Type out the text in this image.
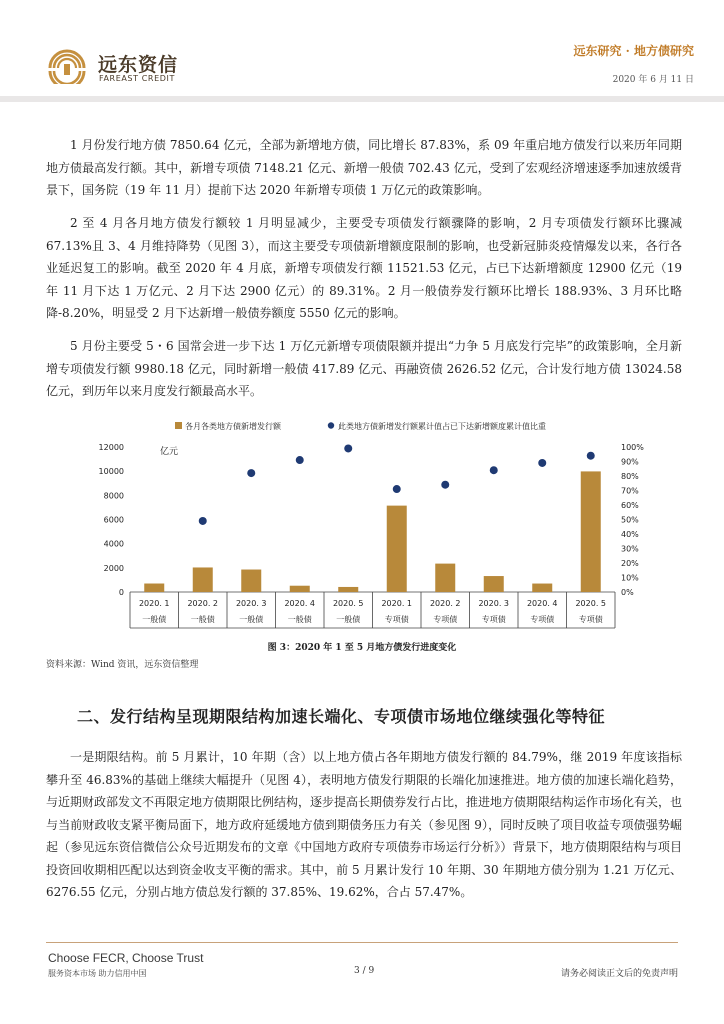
远东资信
FAREAST CREDIT
远东研究 · 地方债研究
2020 年 6 月 11 日

1 月份发行地方债 7850.64 亿元，全部为新增地方债，同比增长 87.83%，系 09 年重启地方债发行以来历年同期地方债最高发行额。其中，新增专项债 7148.21 亿元、新增一般债 702.43 亿元，受到了宏观经济增速逐季加速放缓背景下，国务院（19 年 11 月）提前下达 2020 年新增专项债 1 万亿元的政策影响。

2 至 4 月各月地方债发行额较 1 月明显减少，主要受专项债发行额骤降的影响，2 月专项债发行额环比骤减 67.13%且 3、4 月维持降势（见图 3），而这主要受专项债新增额度限制的影响，也受新冠肺炎疫情爆发以来，各行各业延迟复工的影响。截至 2020 年 4 月底，新增专项债发行额 11521.53 亿元，占已下达新增额度 12900 亿元（19 年 11 月下达 1 万亿元、2 月下达 2900 亿元）的 89.31%。2 月一般债券发行额环比增长 188.93%、3 月环比略降-8.20%，明显受 2 月下达新增一般债券额度 5550 亿元的影响。

5 月份主要受 5・6 国常会进一步下达 1 万亿元新增专项债限额并提出“力争 5 月底发行完毕”的政策影响，全月新增专项债发行额 9980.18 亿元，同时新增一般债 417.89 亿元、再融资债 2626.52 亿元，合计发行地方债 13024.58 亿元，到历年以来月度发行额最高水平。

各月各类地方债新增发行额	此类地方债新增发行额累计值占已下达新增额度累计值比重
亿元
0
2000
4000
6000
8000
10000
12000
0%
10%
20%
30%
40%
50%
60%
70%
80%
90%
100%
2020. 1
一般债
2020. 2
一般债
2020. 3
一般债
2020. 4
一般债
2020. 5
一般债
2020. 1
专项债
2020. 2
专项债
2020. 3
专项债
2020. 4
专项债
2020. 5
专项债
图 3：2020 年 1 至 5 月地方债发行进度变化
资料来源：Wind 资讯，远东资信整理
二、发行结构呈现期限结构加速长端化、专项债市场地位继续强化等特征

一是期限结构。前 5 月累计，10 年期（含）以上地方债占各年期地方债发行额的 84.79%，继 2019 年度该指标攀升至 46.83%的基础上继续大幅提升（见图 4），表明地方债发行期限的长端化加速推进。地方债的加速长端化趋势，与近期财政部发文不再限定地方债期限比例结构，逐步提高长期债券发行占比，推进地方债期限结构运作市场化有关，也与当前财政收支紧平衡局面下，地方政府延缓地方债到期债务压力有关（参见图 9），同时反映了项目收益专项债强势崛起（参见远东资信微信公众号近期发布的文章《中国地方政府专项债券市场运行分析》）背景下，地方债期限结构与项目投资回收期相匹配以达到资金收支平衡的需求。其中，前 5 月累计发行 10 年期、30 年期地方债分别为 1.21 万亿元、6276.55 亿元，分别占地方债总发行额的 37.85%、19.62%，合占 57.47%。

Choose FECR, Choose Trust
服务资本市场 助力信用中国	3 / 9	请务必阅读正文后的免责声明
